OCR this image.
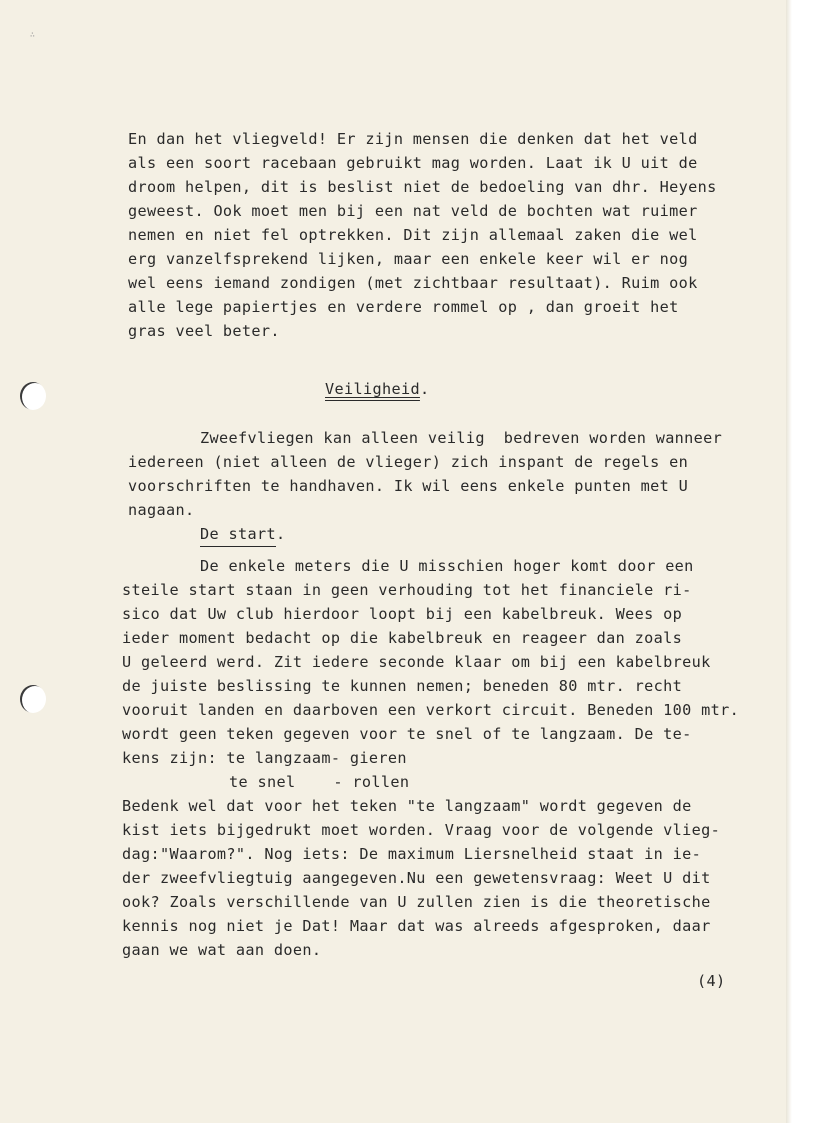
∴
En dan het vliegveld! Er zijn mensen die denken dat het veld
als een soort racebaan gebruikt mag worden. Laat ik U uit de
droom helpen, dit is beslist niet de bedoeling van dhr. Heyens
geweest. Ook moet men bij een nat veld de bochten wat ruimer
nemen en niet fel optrekken. Dit zijn allemaal zaken die wel
erg vanzelfsprekend lijken, maar een enkele keer wil er nog
wel eens iemand zondigen (met zichtbaar resultaat). Ruim ook
alle lege papiertjes en verdere rommel op , dan groeit het
gras veel beter.
Veiligheid.
Zweefvliegen kan alleen veilig  bedreven worden wanneer
iedereen (niet alleen de vlieger) zich inspant de regels en
voorschriften te handhaven. Ik wil eens enkele punten met U
nagaan.
De start.
De enkele meters die U misschien hoger komt door een
steile start staan in geen verhouding tot het financiele ri-
sico dat Uw club hierdoor loopt bij een kabelbreuk. Wees op
ieder moment bedacht op die kabelbreuk en reageer dan zoals
U geleerd werd. Zit iedere seconde klaar om bij een kabelbreuk
de juiste beslissing te kunnen nemen; beneden 80 mtr. recht
vooruit landen en daarboven een verkort circuit. Beneden 100 mtr.
wordt geen teken gegeven voor te snel of te langzaam. De te-
kens zijn: te langzaam- gieren
te snel    - rollen
Bedenk wel dat voor het teken "te langzaam" wordt gegeven de
kist iets bijgedrukt moet worden. Vraag voor de volgende vlieg-
dag:"Waarom?". Nog iets: De maximum Liersnelheid staat in ie-
der zweefvliegtuig aangegeven.Nu een gewetensvraag: Weet U dit
ook? Zoals verschillende van U zullen zien is die theoretische
kennis nog niet je Dat! Maar dat was alreeds afgesproken, daar
gaan we wat aan doen.
(4)
